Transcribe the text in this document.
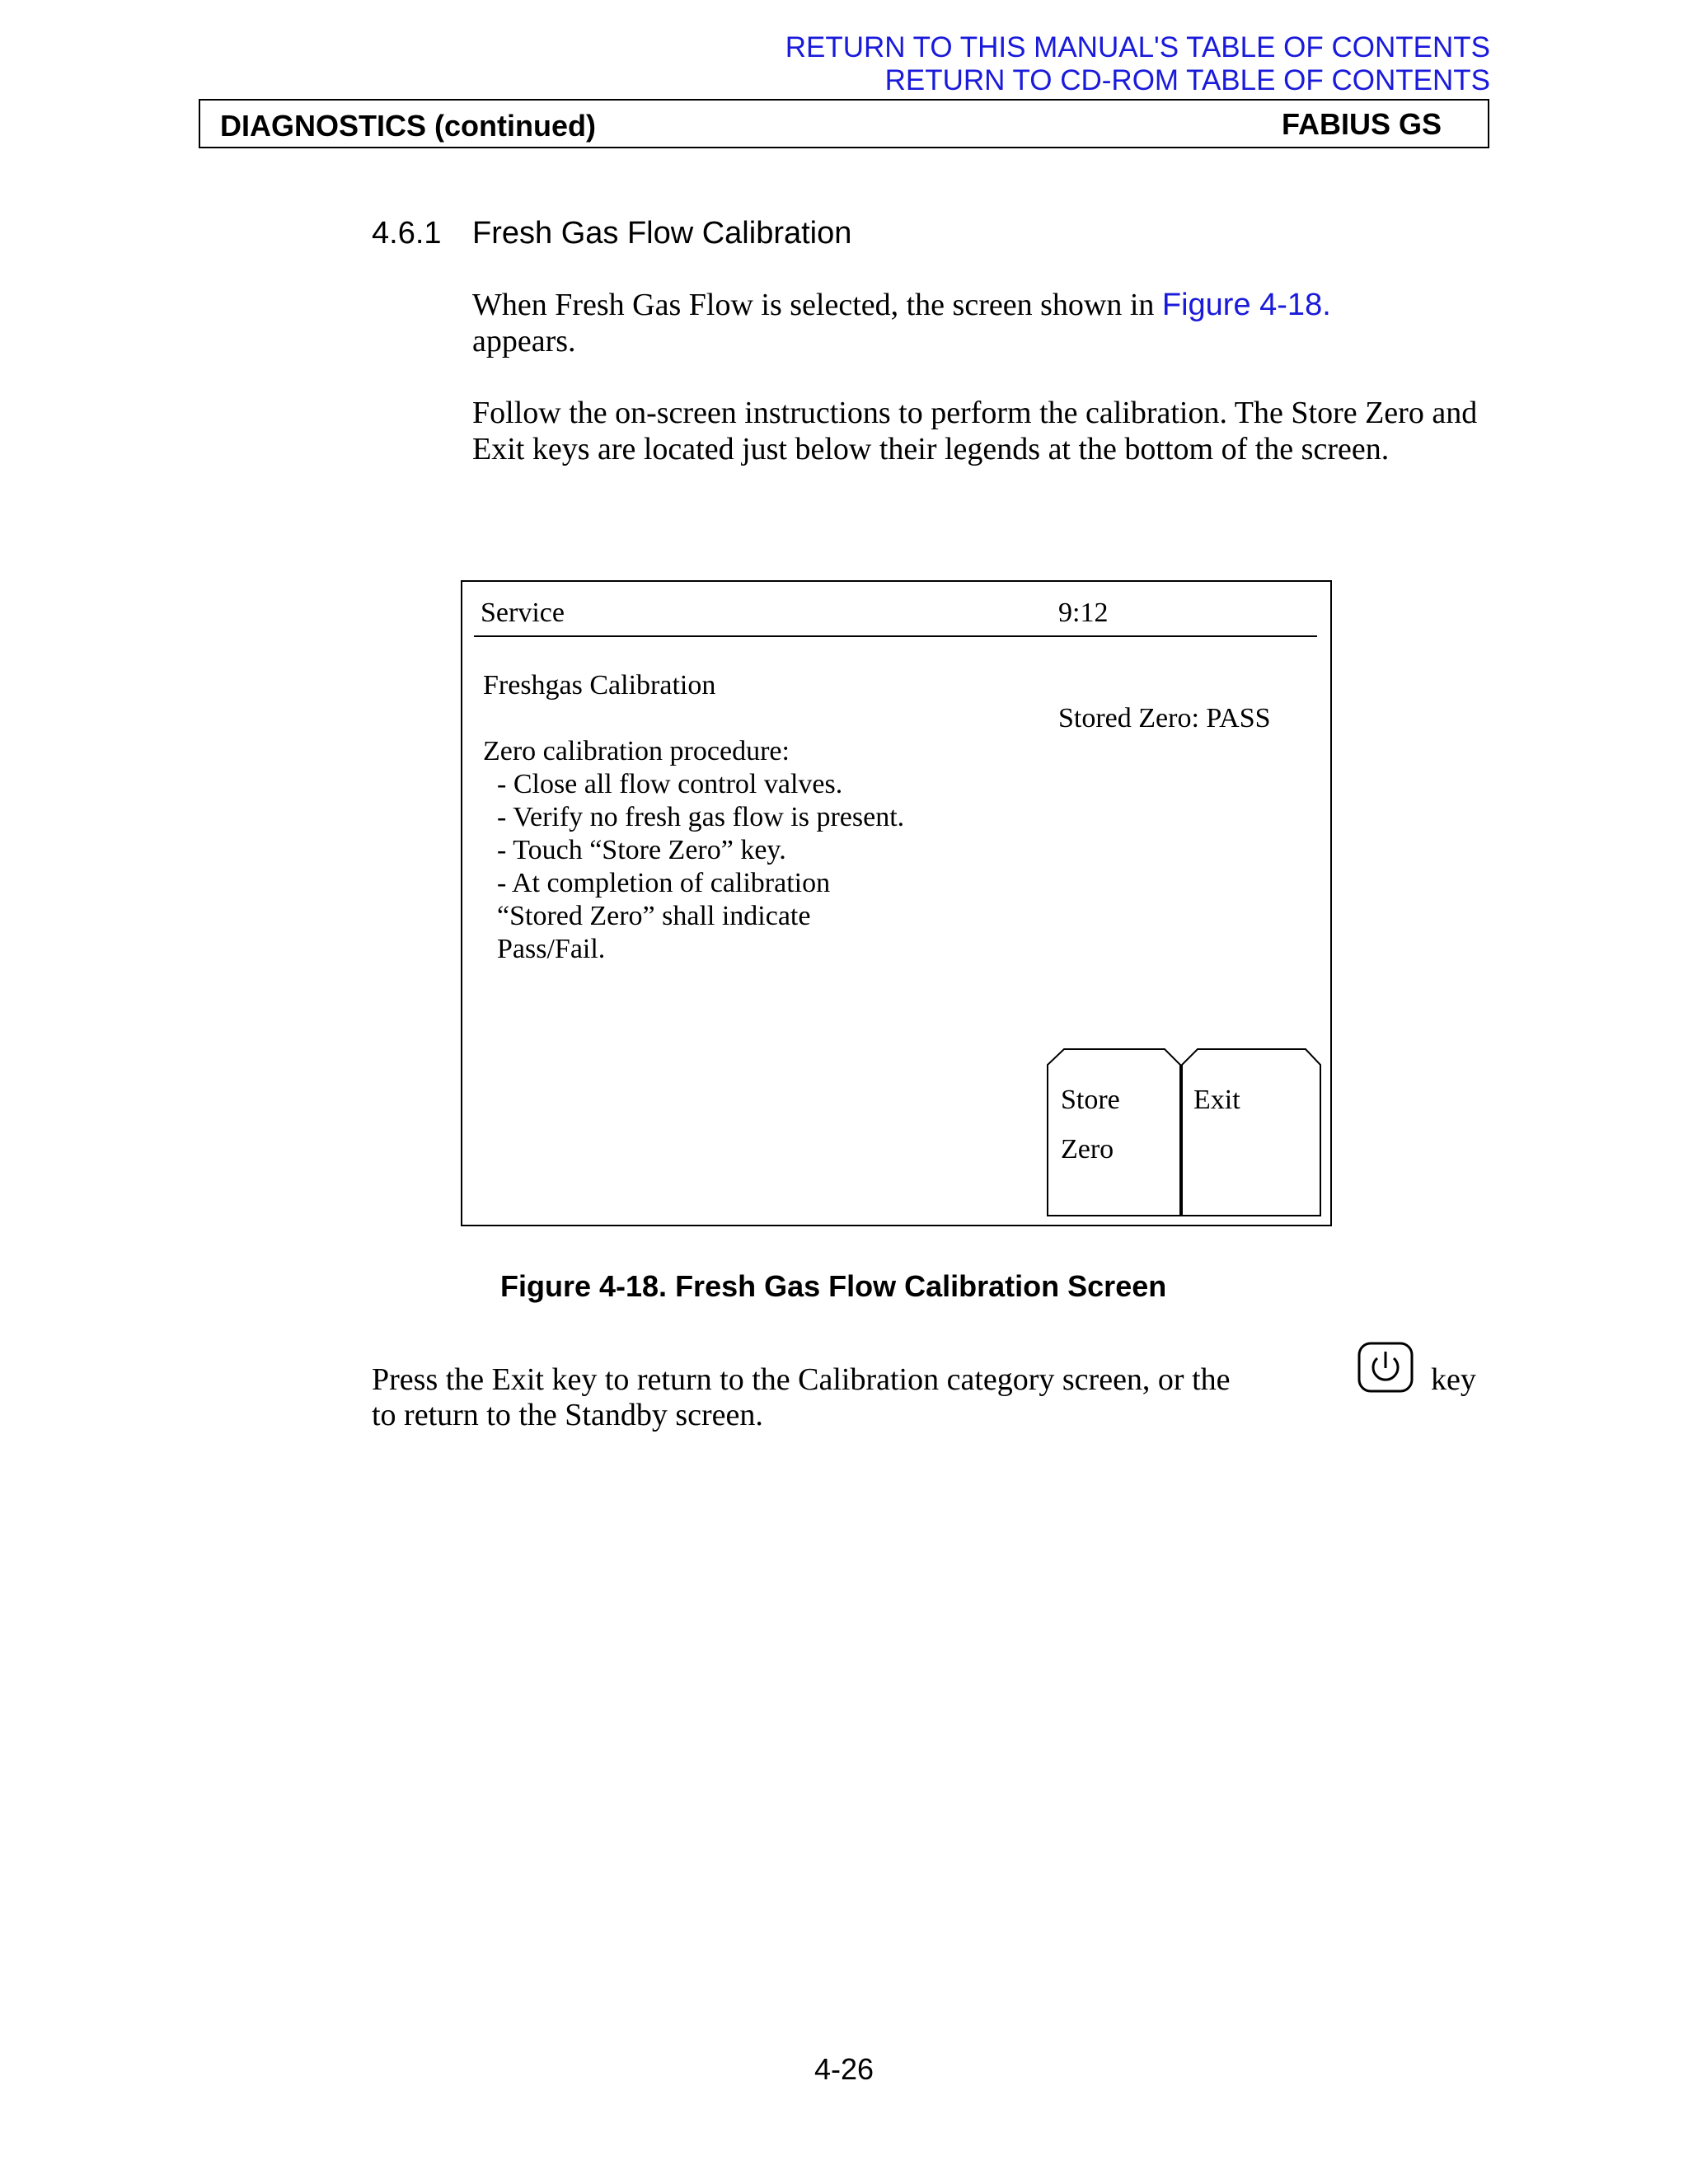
RETURN TO THIS MANUAL'S TABLE OF CONTENTS
RETURN TO CD-ROM TABLE OF CONTENTS
DIAGNOSTICS (continued)	FABIUS GS
4.6.1 Fresh Gas Flow Calibration
When Fresh Gas Flow is selected, the screen shown in Figure 4-18.
appears.
Follow the on-screen instructions to perform the calibration. The Store Zero and Exit keys are located just below their legends at the bottom of the screen.
Service	9:12
Freshgas Calibration
Stored Zero: PASS
Zero calibration procedure:
- Close all flow control valves.
- Verify no fresh gas flow is present.
- Touch “Store Zero” key.
- At completion of calibration
“Stored Zero” shall indicate
Pass/Fail.
Store
Zero
Exit
Figure 4-18. Fresh Gas Flow Calibration Screen
Press the Exit key to return to the Calibration category screen, or the	key
to return to the Standby screen.
4-26
